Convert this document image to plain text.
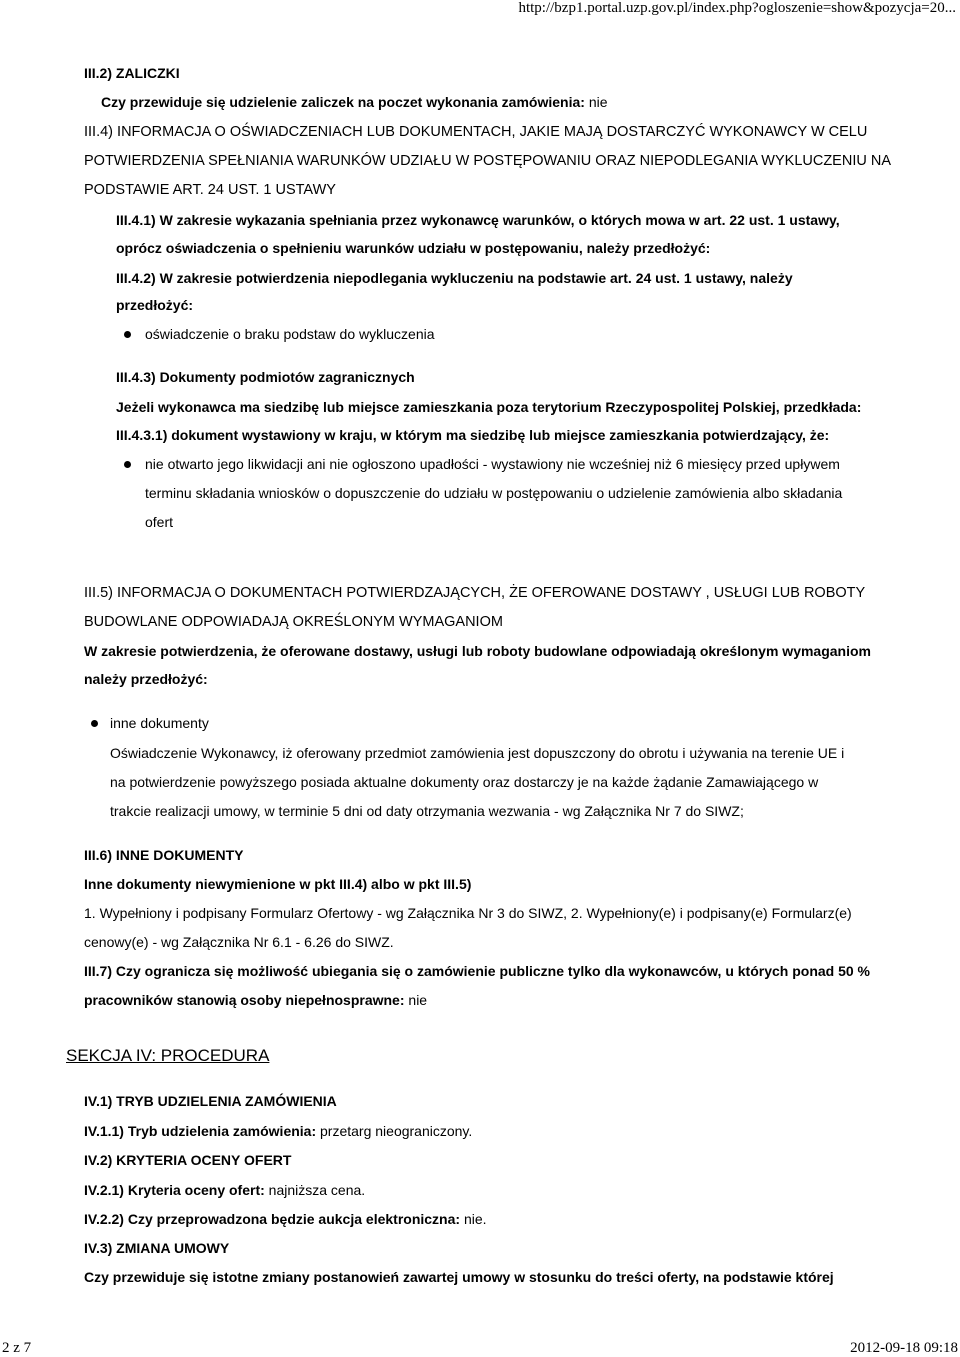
http://bzp1.portal.uzp.gov.pl/index.php?ogloszenie=show&pozycja=20...
III.2) ZALICZKI
Czy przewiduje się udzielenie zaliczek na poczet wykonania zamówienia: nie
III.4) INFORMACJA O OŚWIADCZENIACH LUB DOKUMENTACH, JAKIE MAJĄ DOSTARCZYĆ WYKONAWCY W CELU
POTWIERDZENIA SPEŁNIANIA WARUNKÓW UDZIAŁU W POSTĘPOWANIU ORAZ NIEPODLEGANIA WYKLUCZENIU NA
PODSTAWIE ART. 24 UST. 1 USTAWY
III.4.1) W zakresie wykazania spełniania przez wykonawcę warunków, o których mowa w art. 22 ust. 1 ustawy,
oprócz oświadczenia o spełnieniu warunków udziału w postępowaniu, należy przedłożyć:
III.4.2) W zakresie potwierdzenia niepodlegania wykluczeniu na podstawie art. 24 ust. 1 ustawy, należy
przedłożyć:
oświadczenie o braku podstaw do wykluczenia
III.4.3) Dokumenty podmiotów zagranicznych
Jeżeli wykonawca ma siedzibę lub miejsce zamieszkania poza terytorium Rzeczypospolitej Polskiej, przedkłada:
III.4.3.1) dokument wystawiony w kraju, w którym ma siedzibę lub miejsce zamieszkania potwierdzający, że:
nie otwarto jego likwidacji ani nie ogłoszono upadłości - wystawiony nie wcześniej niż 6 miesięcy przed upływem
terminu składania wniosków o dopuszczenie do udziału w postępowaniu o udzielenie zamówienia albo składania
ofert
III.5) INFORMACJA O DOKUMENTACH POTWIERDZAJĄCYCH, ŻE OFEROWANE DOSTAWY , USŁUGI LUB ROBOTY
BUDOWLANE ODPOWIADAJĄ OKREŚLONYM WYMAGANIOM
W zakresie potwierdzenia, że oferowane dostawy, usługi lub roboty budowlane odpowiadają określonym wymaganiom
należy przedłożyć:
inne dokumenty
Oświadczenie Wykonawcy, iż oferowany przedmiot zamówienia jest dopuszczony do obrotu i używania na terenie UE i
na potwierdzenie powyższego posiada aktualne dokumenty oraz dostarczy je na każde żądanie Zamawiającego w
trakcie realizacji umowy, w terminie 5 dni od daty otrzymania wezwania - wg Załącznika Nr 7 do SIWZ;
III.6) INNE DOKUMENTY
Inne dokumenty niewymienione w pkt III.4) albo w pkt III.5)
1. Wypełniony i podpisany Formularz Ofertowy - wg Załącznika Nr 3 do SIWZ, 2. Wypełniony(e) i podpisany(e) Formularz(e)
cenowy(e) - wg Załącznika Nr 6.1 - 6.26 do SIWZ.
III.7) Czy ogranicza się możliwość ubiegania się o zamówienie publiczne tylko dla wykonawców, u których ponad 50 %
pracowników stanowią osoby niepełnosprawne: nie
SEKCJA IV: PROCEDURA
IV.1) TRYB UDZIELENIA ZAMÓWIENIA
IV.1.1) Tryb udzielenia zamówienia: przetarg nieograniczony.
IV.2) KRYTERIA OCENY OFERT
IV.2.1) Kryteria oceny ofert: najniższa cena.
IV.2.2) Czy przeprowadzona będzie aukcja elektroniczna: nie.
IV.3) ZMIANA UMOWY
Czy przewiduje się istotne zmiany postanowień zawartej umowy w stosunku do treści oferty, na podstawie której
2 z 7	2012-09-18 09:18
